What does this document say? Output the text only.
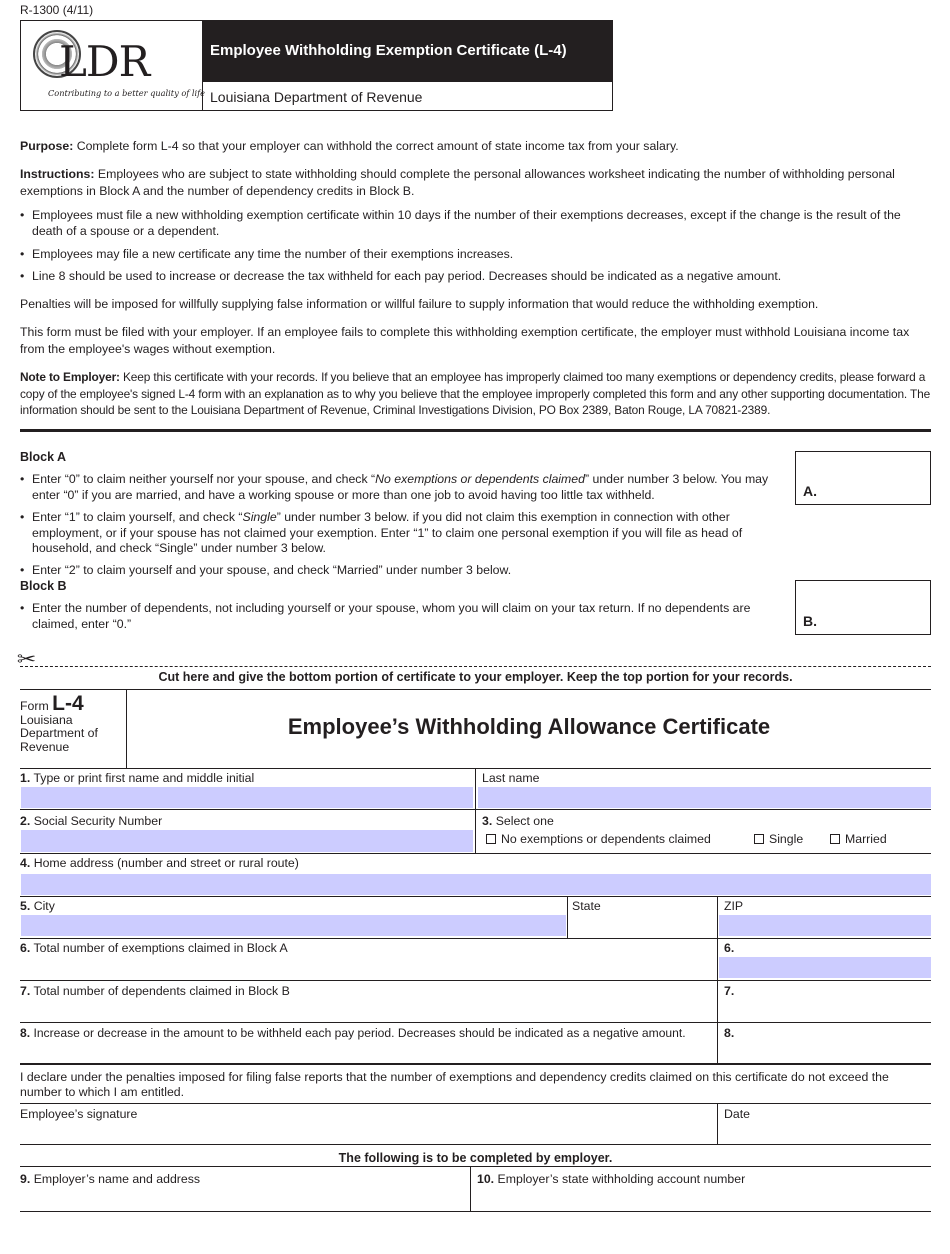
R-1300 (4/11)
LDR
Contributing to a better quality of life
Employee Withholding Exemption Certificate (L-4)
Louisiana Department of Revenue
Purpose: Complete form L-4 so that your employer can withhold the correct amount of state income tax from your salary.
Instructions: Employees who are subject to state withholding should complete the personal allowances worksheet indicating the number of withholding personal exemptions in Block A and the number of dependency credits in Block B.
• Employees must file a new withholding exemption certificate within 10 days if the number of their exemptions decreases, except if the change is the result of the death of a spouse or a dependent.
• Employees may file a new certificate any time the number of their exemptions increases.
• Line 8 should be used to increase or decrease the tax withheld for each pay period. Decreases should be indicated as a negative amount.
Penalties will be imposed for willfully supplying false information or willful failure to supply information that would reduce the withholding exemption.
This form must be filed with your employer. If an employee fails to complete this withholding exemption certificate, the employer must withhold Louisiana income tax from the employee's wages without exemption.
Note to Employer: Keep this certificate with your records. If you believe that an employee has improperly claimed too many exemptions or dependency credits, please forward a copy of the employee's signed L-4 form with an explanation as to why you believe that the employee improperly completed this form and any other supporting documentation. The information should be sent to the Louisiana Department of Revenue, Criminal Investigations Division, PO Box 2389, Baton Rouge, LA 70821-2389.
Block A
• Enter “0” to claim neither yourself nor your spouse, and check “No exemptions or dependents claimed” under number 3 below. You may enter “0” if you are married, and have a working spouse or more than one job to avoid having too little tax withheld.
• Enter “1” to claim yourself, and check “Single” under number 3 below. if you did not claim this exemption in connection with other employment, or if your spouse has not claimed your exemption. Enter “1” to claim one personal exemption if you will file as head of household, and check “Single” under number 3 below.
• Enter “2” to claim yourself and your spouse, and check “Married” under number 3 below.
A.
Block B
• Enter the number of dependents, not including yourself or your spouse, whom you will claim on your tax return. If no dependents are claimed, enter “0.”	B.
✂
Cut here and give the bottom portion of certificate to your employer. Keep the top portion for your records.
Form L-4
Louisiana Department of Revenue
Employee’s Withholding Allowance Certificate
1. Type or print first name and middle initial	Last name
2. Social Security Number	3. Select one
No exemptions or dependents claimed	Single	Married
4. Home address (number and street or rural route)
5. City	State	ZIP
6. Total number of exemptions claimed in Block A	6.
7. Total number of dependents claimed in Block B	7.
8. Increase or decrease in the amount to be withheld each pay period. Decreases should be indicated as a negative amount.	8.
I declare under the penalties imposed for filing false reports that the number of exemptions and dependency credits claimed on this certificate do not exceed the number to which I am entitled.
Employee’s signature	Date
The following is to be completed by employer.
9. Employer’s name and address	10. Employer’s state withholding account number
